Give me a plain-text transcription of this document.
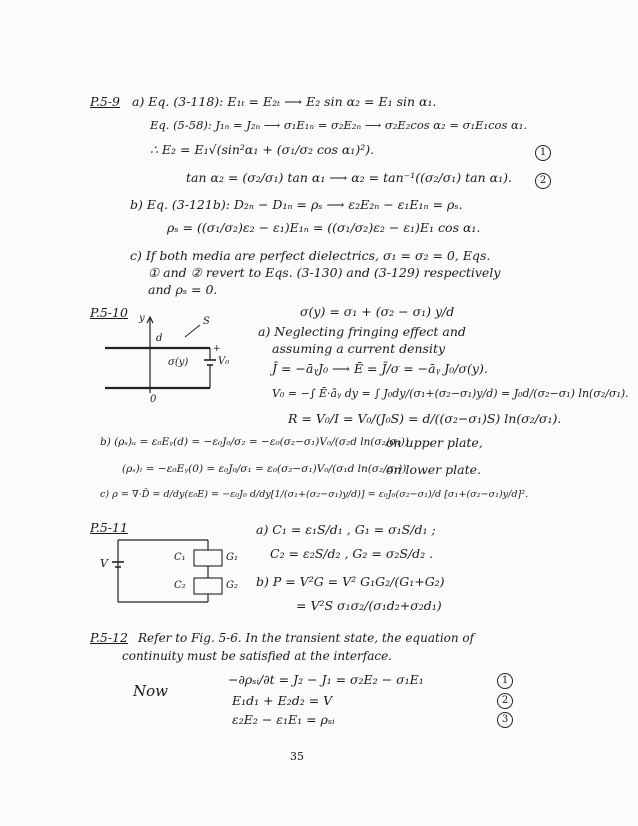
P.5-9 a) Eq. (3-118): E₁ₜ = E₂ₜ ⟶ E₂ sin α₂ = E₁ sin α₁.
Eq. (5-58): J₁ₙ = J₂ₙ ⟶ σ₁E₁ₙ = σ₂E₂ₙ ⟶ σ₂E₂cos α₂ = σ₁E₁cos α₁.
∴ E₂ = E₁√(sin²α₁ + (σ₁/σ₂ cos α₁)²).	1
tan α₂ = (σ₂/σ₁) tan α₁ ⟶ α₂ = tan⁻¹((σ₂/σ₁) tan α₁).	2
b) Eq. (3-121b): D₂ₙ − D₁ₙ = ρₛ ⟶ ε₂E₂ₙ − ε₁E₁ₙ = ρₛ.
ρₛ = ((σ₁/σ₂)ε₂ − ε₁)E₁ₙ = ((σ₁/σ₂)ε₂ − ε₁)E₁ cos α₁.
c) If both media are perfect dielectrics, σ₁ = σ₂ = 0, Eqs.
① and ② revert to Eqs. (3-130) and (3-129) respectively
and ρₛ = 0.
P.5-10	σ(y) = σ₁ + (σ₂ − σ₁) y/d
y
d
S
σ(y)
+
V₀
0
a) Neglecting fringing effect and
assuming a current density
J̄ = −āᵧJ₀ ⟶ Ē = J̄/σ = −āᵧ J₀/σ(y).
V₀ = −∫ Ē·āᵧ dy = ∫ J₀dy/(σ₁+(σ₂−σ₁)y/d) = J₀d/(σ₂−σ₁) ln(σ₂/σ₁).
R = V₀/I = V₀/(J₀S) = d/((σ₂−σ₁)S) ln(σ₂/σ₁).
b) (ρₛ)ᵤ = ε₀Eᵧ(d) = −ε₀J₀/σ₂ = −ε₀(σ₂−σ₁)V₀/(σ₂d ln(σ₂/σ₁))
on upper plate,
(ρₛ)ₗ = −ε₀Eᵧ(0) = ε₀J₀/σ₁ = ε₀(σ₂−σ₁)V₀/(σ₁d ln(σ₂/σ₁))
on lower plate.
c) ρ = ∇·D̄ = d/dy(ε₀E) = −ε₀J₀ d/dy[1/(σ₁+(σ₂−σ₁)y/d)] = ε₀J₀(σ₂−σ₁)/d [σ₁+(σ₂−σ₁)y/d]².
P.5-11
V	C₁	G₁
C₂	G₂
a) C₁ = ε₁S/d₁ , G₁ = σ₁S/d₁ ;
C₂ = ε₂S/d₂ , G₂ = σ₂S/d₂ .
b) P = V²G = V² G₁G₂/(G₁+G₂)
= V²S σ₁σ₂/(σ₁d₂+σ₂d₁)
P.5-12 Refer to Fig. 5-6. In the transient state, the equation of
continuity must be satisfied at the interface.
−∂ρₛᵢ/∂t = J₂ − J₁ = σ₂E₂ − σ₁E₁	1
Now
E₁d₁ + E₂d₂ = V	2
ε₂E₂ − ε₁E₁ = ρₛᵢ	3
35
